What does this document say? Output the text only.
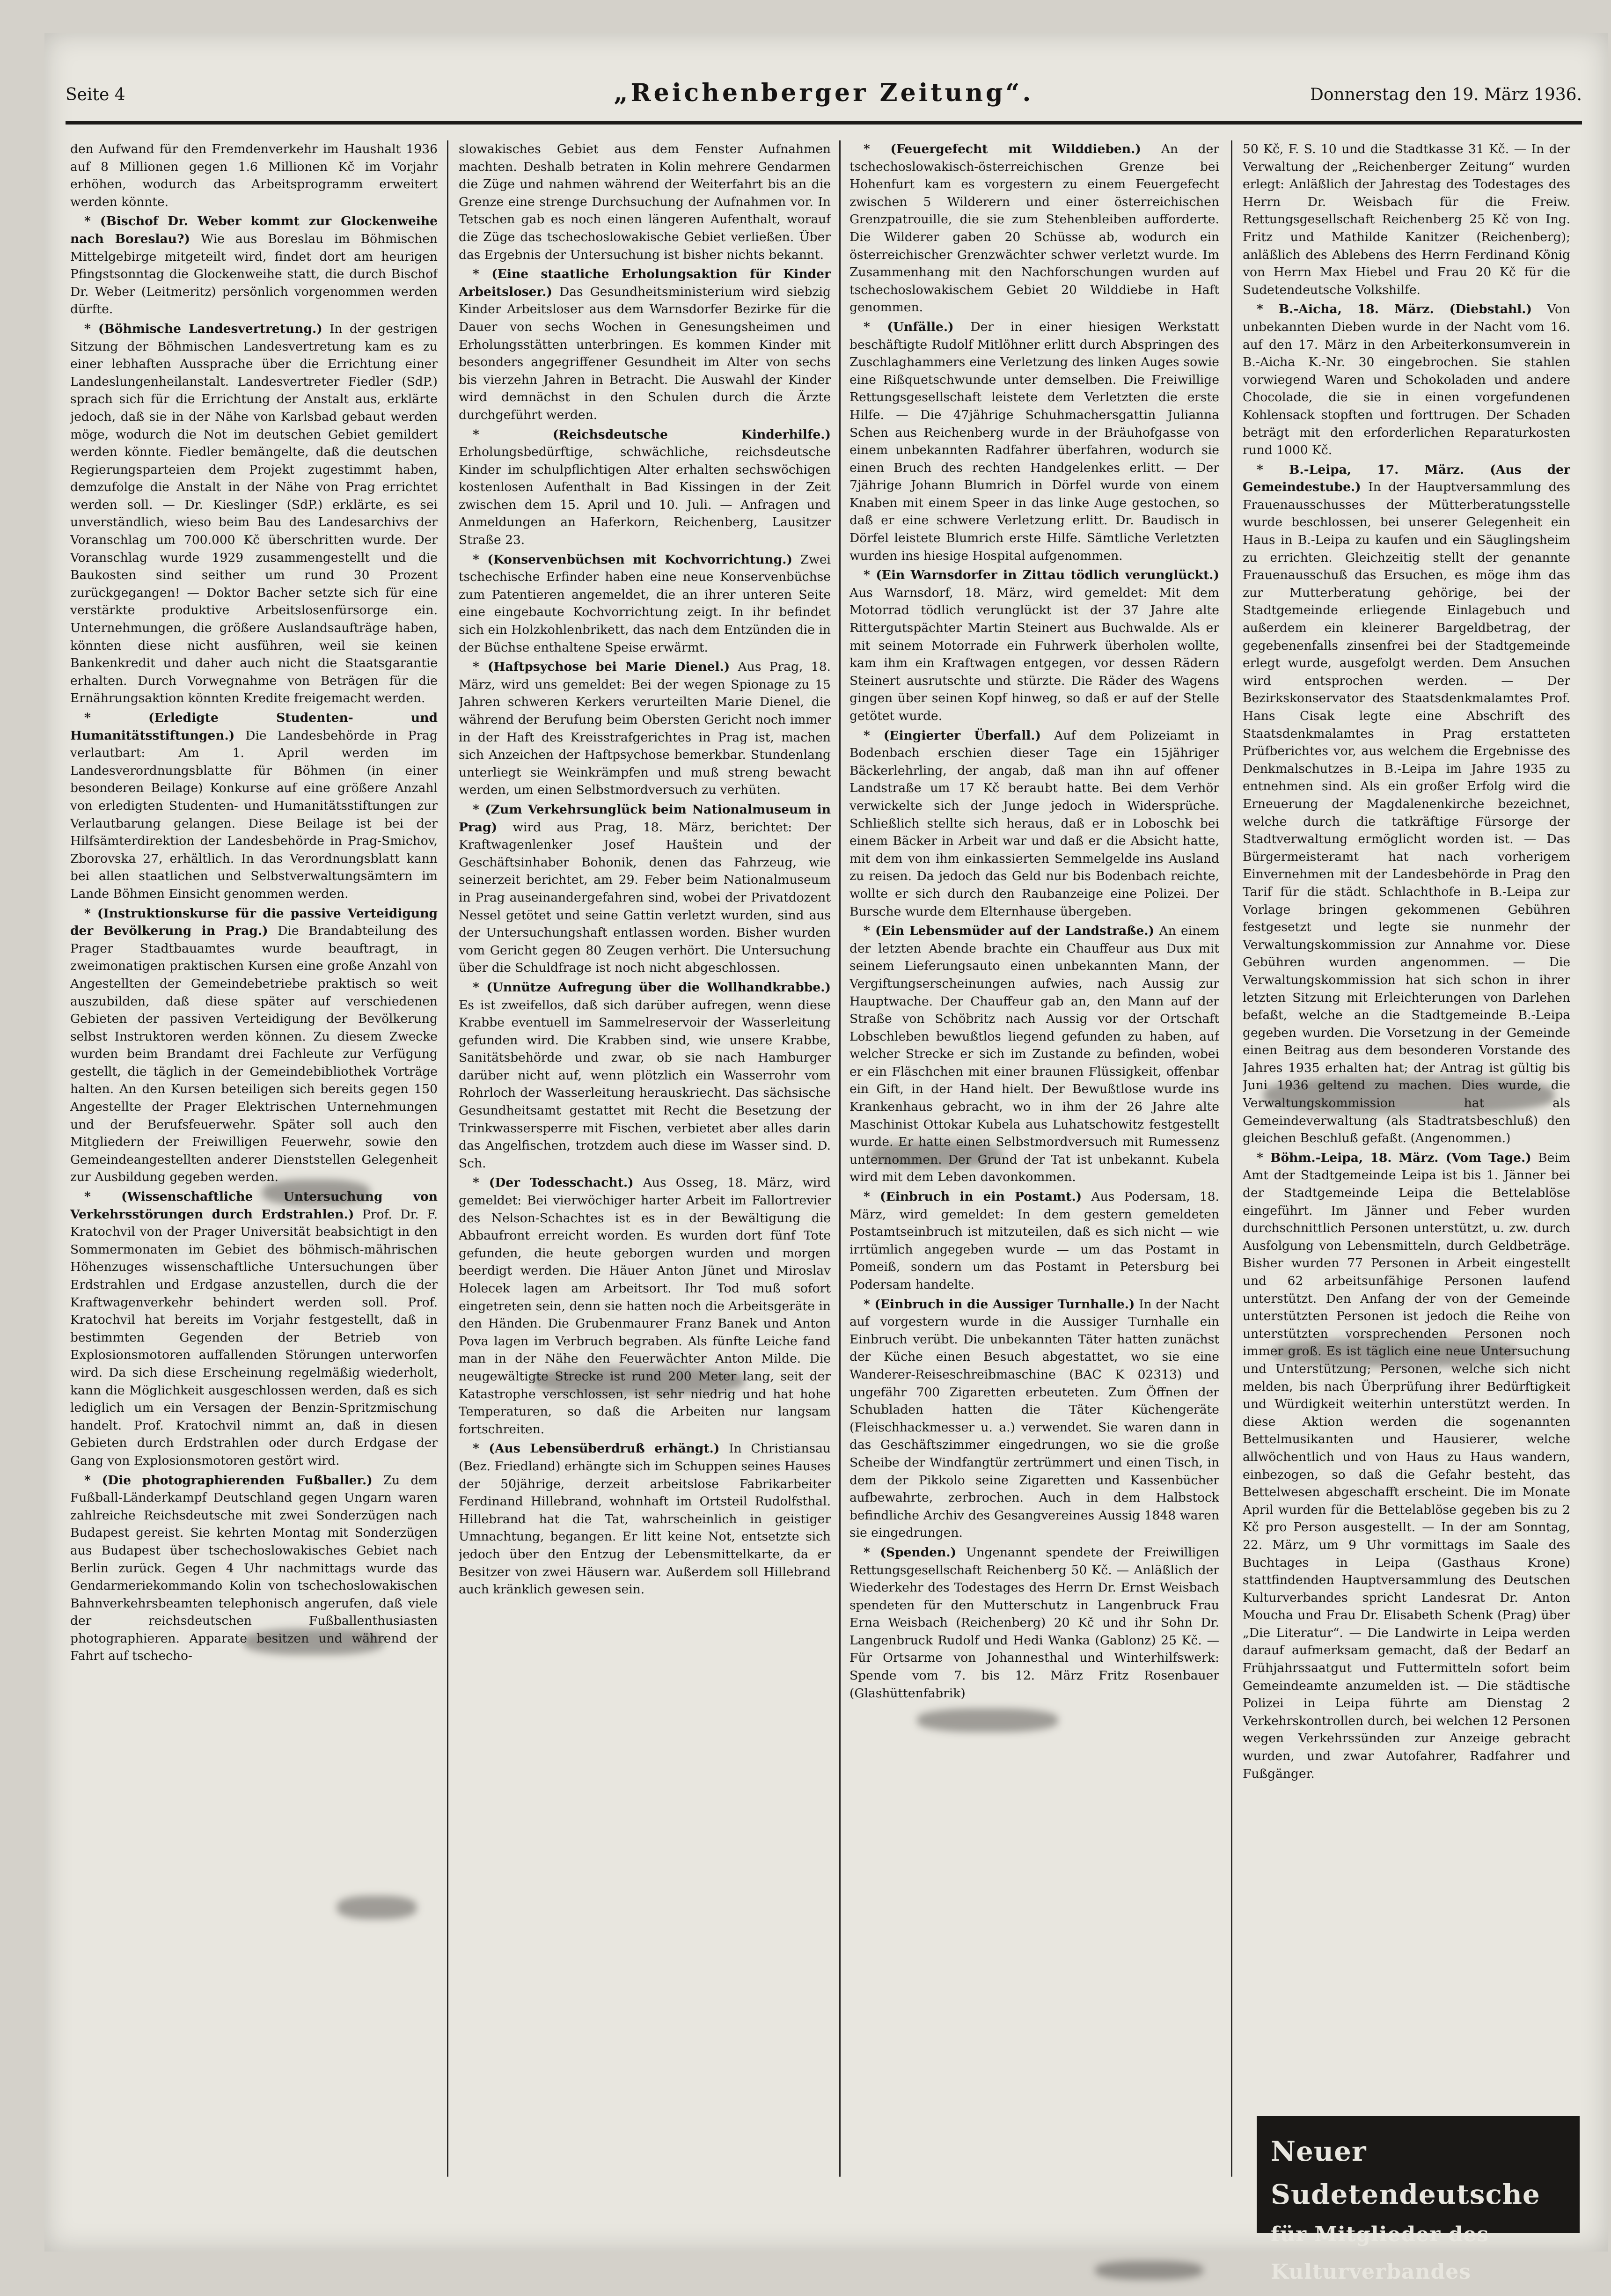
Seite 4	„Reichenberger Zeitung“.	Donnerstag den 19. März 1936.

den Aufwand für den Fremdenverkehr im Haushalt 1936 auf 8 Millionen gegen 1.6 Millionen Kč im Vorjahr erhöhen, wodurch das Arbeitsprogramm erweitert werden könnte.

* (Bischof Dr. Weber kommt zur Glockenweihe nach Boreslau?) Wie aus Boreslau im Böhmischen Mittelgebirge mitgeteilt wird, findet dort am heurigen Pfingstsonntag die Glockenweihe statt, die durch Bischof Dr. Weber (Leitmeritz) persönlich vorgenommen werden dürfte.

* (Böhmische Landesvertretung.) In der gestrigen Sitzung der Böhmischen Landesvertretung kam es zu einer lebhaften Aussprache über die Errichtung einer Landeslungenheilanstalt. Landesvertreter Fiedler (SdP.) sprach sich für die Errichtung der Anstalt aus, erklärte jedoch, daß sie in der Nähe von Karlsbad gebaut werden möge, wodurch die Not im deutschen Gebiet gemildert werden könnte. Fiedler bemängelte, daß die deutschen Regierungsparteien dem Projekt zugestimmt haben, demzufolge die Anstalt in der Nähe von Prag errichtet werden soll. — Dr. Kieslinger (SdP.) erklärte, es sei unverständlich, wieso beim Bau des Landesarchivs der Voranschlag um 700.000 Kč überschritten wurde. Der Voranschlag wurde 1929 zusammengestellt und die Baukosten sind seither um rund 30 Prozent zurückgegangen! — Doktor Bacher setzte sich für eine verstärkte produktive Arbeitslosenfürsorge ein. Unternehmungen, die größere Auslandsaufträge haben, könnten diese nicht ausführen, weil sie keinen Bankenkredit und daher auch nicht die Staatsgarantie erhalten. Durch Vorwegnahme von Beträgen für die Ernährungsaktion könnten Kredite freigemacht werden.

* (Erledigte Studenten- und Humanitätsstiftungen.) Die Landesbehörde in Prag verlautbart: Am 1. April werden im Landesverordnungsblatte für Böhmen (in einer besonderen Beilage) Konkurse auf eine größere Anzahl von erledigten Studenten- und Humanitätsstiftungen zur Verlautbarung gelangen. Diese Beilage ist bei der Hilfsämterdirektion der Landesbehörde in Prag-Smichov, Zborovska 27, erhältlich. In das Verordnungsblatt kann bei allen staatlichen und Selbstverwaltungsämtern im Lande Böhmen Einsicht genommen werden.

* (Instruktionskurse für die passive Verteidigung der Bevölkerung in Prag.) Die Brandabteilung des Prager Stadtbauamtes wurde beauftragt, in zweimonatigen praktischen Kursen eine große Anzahl von Angestellten der Gemeindebetriebe praktisch so weit auszubilden, daß diese später auf verschiedenen Gebieten der passiven Verteidigung der Bevölkerung selbst Instruktoren werden können. Zu diesem Zwecke wurden beim Brandamt drei Fachleute zur Verfügung gestellt, die täglich in der Gemeindebibliothek Vorträge halten. An den Kursen beteiligen sich bereits gegen 150 Angestellte der Prager Elektrischen Unternehmungen und der Berufsfeuerwehr. Später soll auch den Mitgliedern der Freiwilligen Feuerwehr, sowie den Gemeindeangestellten anderer Dienststellen Gelegenheit zur Ausbildung gegeben werden.

* (Wissenschaftliche Untersuchung von Verkehrsstörungen durch Erdstrahlen.) Prof. Dr. F. Kratochvil von der Prager Universität beabsichtigt in den Sommermonaten im Gebiet des böhmisch-mährischen Höhenzuges wissenschaftliche Untersuchungen über Erdstrahlen und Erdgase anzustellen, durch die der Kraftwagenverkehr behindert werden soll. Prof. Kratochvil hat bereits im Vorjahr festgestellt, daß in bestimmten Gegenden der Betrieb von Explosionsmotoren auffallenden Störungen unterworfen wird. Da sich diese Erscheinung regelmäßig wiederholt, kann die Möglichkeit ausgeschlossen werden, daß es sich lediglich um ein Versagen der Benzin-Spritzmischung handelt. Prof. Kratochvil nimmt an, daß in diesen Gebieten durch Erdstrahlen oder durch Erdgase der Gang von Explosionsmotoren gestört wird.

* (Die photographierenden Fußballer.) Zu dem Fußball-Länderkampf Deutschland gegen Ungarn waren zahlreiche Reichsdeutsche mit zwei Sonderzügen nach Budapest gereist. Sie kehrten Montag mit Sonderzügen aus Budapest über tschechoslowakisches Gebiet nach Berlin zurück. Gegen 4 Uhr nachmittags wurde das Gendarmeriekommando Kolin von tschechoslowakischen Bahnverkehrsbeamten telephonisch angerufen, daß viele der reichsdeutschen Fußballenthusiasten photographieren. Apparate besitzen und während der Fahrt auf tschecho-

slowakisches Gebiet aus dem Fenster Aufnahmen machten. Deshalb betraten in Kolin mehrere Gendarmen die Züge und nahmen während der Weiterfahrt bis an die Grenze eine strenge Durchsuchung der Aufnahmen vor. In Tetschen gab es noch einen längeren Aufenthalt, worauf die Züge das tschechoslowakische Gebiet verließen. Über das Ergebnis der Untersuchung ist bisher nichts bekannt.

* (Eine staatliche Erholungsaktion für Kinder Arbeitsloser.) Das Gesundheitsministerium wird siebzig Kinder Arbeitsloser aus dem Warnsdorfer Bezirke für die Dauer von sechs Wochen in Genesungsheimen und Erholungsstätten unterbringen. Es kommen Kinder mit besonders angegriffener Gesundheit im Alter von sechs bis vierzehn Jahren in Betracht. Die Auswahl der Kinder wird demnächst in den Schulen durch die Ärzte durchgeführt werden.

* (Reichsdeutsche Kinderhilfe.) Erholungsbedürftige, schwächliche, reichsdeutsche Kinder im schulpflichtigen Alter erhalten sechswöchigen kostenlosen Aufenthalt in Bad Kissingen in der Zeit zwischen dem 15. April und 10. Juli. — Anfragen und Anmeldungen an Haferkorn, Reichenberg, Lausitzer Straße 23.

* (Konservenbüchsen mit Kochvorrichtung.) Zwei tschechische Erfinder haben eine neue Konservenbüchse zum Patentieren angemeldet, die an ihrer unteren Seite eine eingebaute Kochvorrichtung zeigt. In ihr befindet sich ein Holzkohlenbrikett, das nach dem Entzünden die in der Büchse enthaltene Speise erwärmt.

* (Haftpsychose bei Marie Dienel.) Aus Prag, 18. März, wird uns gemeldet: Bei der wegen Spionage zu 15 Jahren schweren Kerkers verurteilten Marie Dienel, die während der Berufung beim Obersten Gericht noch immer in der Haft des Kreisstrafgerichtes in Prag ist, machen sich Anzeichen der Haftpsychose bemerkbar. Stundenlang unterliegt sie Weinkrämpfen und muß streng bewacht werden, um einen Selbstmordversuch zu verhüten.

* (Zum Verkehrsunglück beim Nationalmuseum in Prag) wird aus Prag, 18. März, berichtet: Der Kraftwagenlenker Josef Hauštein und der Geschäftsinhaber Bohonik, denen das Fahrzeug, wie seinerzeit berichtet, am 29. Feber beim Nationalmuseum in Prag auseinandergefahren sind, wobei der Privatdozent Nessel getötet und seine Gattin verletzt wurden, sind aus der Untersuchungshaft entlassen worden. Bisher wurden vom Gericht gegen 80 Zeugen verhört. Die Untersuchung über die Schuldfrage ist noch nicht abgeschlossen.

* (Unnütze Aufregung über die Wollhandkrabbe.) Es ist zweifellos, daß sich darüber aufregen, wenn diese Krabbe eventuell im Sammelreservoir der Wasserleitung gefunden wird. Die Krabben sind, wie unsere Krabbe, Sanitätsbehörde und zwar, ob sie nach Hamburger darüber nicht auf, wenn plötzlich ein Wasserrohr vom Rohrloch der Wasserleitung herauskriecht. Das sächsische Gesundheitsamt gestattet mit Recht die Besetzung der Trinkwassersperre mit Fischen, verbietet aber alles darin das Angelfischen, trotzdem auch diese im Wasser sind. D. Sch.

* (Der Todesschacht.) Aus Osseg, 18. März, wird gemeldet: Bei vierwöchiger harter Arbeit im Fallortrevier des Nelson-Schachtes ist es in der Bewältigung die Abbaufront erreicht worden. Es wurden dort fünf Tote gefunden, die heute geborgen wurden und morgen beerdigt werden. Die Häuer Anton Jünet und Miroslav Holecek lagen am Arbeitsort. Ihr Tod muß sofort eingetreten sein, denn sie hatten noch die Arbeitsgeräte in den Händen. Die Grubenmaurer Franz Banek und Anton Pova lagen im Verbruch begraben. Als fünfte Leiche fand man in der Nähe den Feuerwächter Anton Milde. Die neugewältigte Strecke ist rund 200 Meter lang, seit der Katastrophe verschlossen, ist sehr niedrig und hat hohe Temperaturen, so daß die Arbeiten nur langsam fortschreiten.

* (Aus Lebensüberdruß erhängt.) In Christiansau (Bez. Friedland) erhängte sich im Schuppen seines Hauses der 50jährige, derzeit arbeitslose Fabrikarbeiter Ferdinand Hillebrand, wohnhaft im Ortsteil Rudolfsthal. Hillebrand hat die Tat, wahrscheinlich in geistiger Umnachtung, begangen. Er litt keine Not, entsetzte sich jedoch über den Entzug der Lebensmittelkarte, da er Besitzer von zwei Häusern war. Außerdem soll Hillebrand auch kränklich gewesen sein.

* (Feuergefecht mit Wilddieben.) An der tschechoslowakisch-österreichischen Grenze bei Hohenfurt kam es vorgestern zu einem Feuergefecht zwischen 5 Wilderern und einer österreichischen Grenzpatrouille, die sie zum Stehenbleiben aufforderte. Die Wilderer gaben 20 Schüsse ab, wodurch ein österreichischer Grenzwächter schwer verletzt wurde. Im Zusammenhang mit den Nachforschungen wurden auf tschechoslowakischem Gebiet 20 Wilddiebe in Haft genommen.

* (Unfälle.) Der in einer hiesigen Werkstatt beschäftigte Rudolf Mitlöhner erlitt durch Abspringen des Zuschlaghammers eine Verletzung des linken Auges sowie eine Rißquetschwunde unter demselben. Die Freiwillige Rettungsgesellschaft leistete dem Verletzten die erste Hilfe. — Die 47jährige Schuhmachersgattin Julianna Schen aus Reichenberg wurde in der Bräuhofgasse von einem unbekannten Radfahrer überfahren, wodurch sie einen Bruch des rechten Handgelenkes erlitt. — Der 7jährige Johann Blumrich in Dörfel wurde von einem Knaben mit einem Speer in das linke Auge gestochen, so daß er eine schwere Verletzung erlitt. Dr. Baudisch in Dörfel leistete Blumrich erste Hilfe. Sämtliche Verletzten wurden ins hiesige Hospital aufgenommen.

* (Ein Warnsdorfer in Zittau tödlich verunglückt.) Aus Warnsdorf, 18. März, wird gemeldet: Mit dem Motorrad tödlich verunglückt ist der 37 Jahre alte Rittergutspächter Martin Steinert aus Buchwalde. Als er mit seinem Motorrade ein Fuhrwerk überholen wollte, kam ihm ein Kraftwagen entgegen, vor dessen Rädern Steinert ausrutschte und stürzte. Die Räder des Wagens gingen über seinen Kopf hinweg, so daß er auf der Stelle getötet wurde.

* (Eingierter Überfall.) Auf dem Polizeiamt in Bodenbach erschien dieser Tage ein 15jähriger Bäckerlehrling, der angab, daß man ihn auf offener Landstraße um 17 Kč beraubt hatte. Bei dem Verhör verwickelte sich der Junge jedoch in Widersprüche. Schließlich stellte sich heraus, daß er in Loboschk bei einem Bäcker in Arbeit war und daß er die Absicht hatte, mit dem von ihm einkassierten Semmelgelde ins Ausland zu reisen. Da jedoch das Geld nur bis Bodenbach reichte, wollte er sich durch den Raubanzeige eine Polizei. Der Bursche wurde dem Elternhause übergeben.

* (Ein Lebensmüder auf der Landstraße.) An einem der letzten Abende brachte ein Chauffeur aus Dux mit seinem Lieferungsauto einen unbekannten Mann, der Vergiftungserscheinungen aufwies, nach Aussig zur Hauptwache. Der Chauffeur gab an, den Mann auf der Straße von Schöbritz nach Aussig vor der Ortschaft Lobschleben bewußtlos liegend gefunden zu haben, auf welcher Strecke er sich im Zustande zu befinden, wobei er ein Fläschchen mit einer braunen Flüssigkeit, offenbar ein Gift, in der Hand hielt. Der Bewußtlose wurde ins Krankenhaus gebracht, wo in ihm der 26 Jahre alte Maschinist Ottokar Kubela aus Luhatschowitz festgestellt wurde. Er hatte einen Selbstmordversuch mit Rumessenz unternommen. Der Grund der Tat ist unbekannt. Kubela wird mit dem Leben davonkommen.

* (Einbruch in ein Postamt.) Aus Podersam, 18. März, wird gemeldet: In dem gestern gemeldeten Postamtseinbruch ist mitzuteilen, daß es sich nicht — wie irrtümlich angegeben wurde — um das Postamt in Pomeiß, sondern um das Postamt in Petersburg bei Podersam handelte.

* (Einbruch in die Aussiger Turnhalle.) In der Nacht auf vorgestern wurde in die Aussiger Turnhalle ein Einbruch verübt. Die unbekannten Täter hatten zunächst der Küche einen Besuch abgestattet, wo sie eine Wanderer-Reiseschreibmaschine (BAC K 02313) und ungefähr 700 Zigaretten erbeuteten. Zum Öffnen der Schubladen hatten die Täter Küchengeräte (Fleischhackmesser u. a.) verwendet. Sie waren dann in das Geschäftszimmer eingedrungen, wo sie die große Scheibe der Windfangtür zertrümmert und einen Tisch, in dem der Pikkolo seine Zigaretten und Kassenbücher aufbewahrte, zerbrochen. Auch in dem Halbstock befindliche Archiv des Gesangvereines Aussig 1848 waren sie eingedrungen.

* (Spenden.) Ungenannt spendete der Freiwilligen Rettungsgesellschaft Reichenberg 50 Kč. — Anläßlich der Wiederkehr des Todestages des Herrn Dr. Ernst Weisbach spendeten für den Mutterschutz in Langenbruck Frau Erna Weisbach (Reichenberg) 20 Kč und ihr Sohn Dr. Langenbruck Rudolf und Hedi Wanka (Gablonz) 25 Kč. — Für Ortsarme von Johannesthal und Winterhilfswerk: Spende vom 7. bis 12. März Fritz Rosenbauer (Glashüttenfabrik)

50 Kč, F. S. 10 und die Stadtkasse 31 Kč. — In der Verwaltung der „Reichenberger Zeitung“ wurden erlegt: Anläßlich der Jahrestag des Todestages des Herrn Dr. Weisbach für die Freiw. Rettungsgesellschaft Reichenberg 25 Kč von Ing. Fritz und Mathilde Kanitzer (Reichenberg); anläßlich des Ablebens des Herrn Ferdinand König von Herrn Max Hiebel und Frau 20 Kč für die Sudetendeutsche Volkshilfe.

* B.-Aicha, 18. März. (Diebstahl.) Von unbekannten Dieben wurde in der Nacht vom 16. auf den 17. März in den Arbeiterkonsumverein in B.-Aicha K.-Nr. 30 eingebrochen. Sie stahlen vorwiegend Waren und Schokoladen und andere Chocolade, die sie in einen vorgefundenen Kohlensack stopften und forttrugen. Der Schaden beträgt mit den erforderlichen Reparaturkosten rund 1000 Kč.

* B.-Leipa, 17. März. (Aus der Gemeindestube.) In der Hauptversammlung des Frauenausschusses der Mütterberatungsstelle wurde beschlossen, bei unserer Gelegenheit ein Haus in B.-Leipa zu kaufen und ein Säuglingsheim zu errichten. Gleichzeitig stellt der genannte Frauenausschuß das Ersuchen, es möge ihm das zur Mutterberatung gehörige, bei der Stadtgemeinde erliegende Einlagebuch und außerdem ein kleinerer Bargeldbetrag, der gegebenenfalls zinsenfrei bei der Stadtgemeinde erlegt wurde, ausgefolgt werden. Dem Ansuchen wird entsprochen werden. — Der Bezirkskonservator des Staatsdenkmalamtes Prof. Hans Cisak legte eine Abschrift des Staatsdenkmalamtes in Prag erstatteten Prüfberichtes vor, aus welchem die Ergebnisse des Denkmalschutzes in B.-Leipa im Jahre 1935 zu entnehmen sind. Als ein großer Erfolg wird die Erneuerung der Magdalenenkirche bezeichnet, welche durch die tatkräftige Fürsorge der Stadtverwaltung ermöglicht worden ist. — Das Bürgermeisteramt hat nach vorherigem Einvernehmen mit der Landesbehörde in Prag den Tarif für die städt. Schlachthofe in B.-Leipa zur Vorlage bringen gekommenen Gebühren festgesetzt und legte sie nunmehr der Verwaltungskommission zur Annahme vor. Diese Gebühren wurden angenommen. — Die Verwaltungskommission hat sich schon in ihrer letzten Sitzung mit Erleichterungen von Darlehen befaßt, welche an die Stadtgemeinde B.-Leipa gegeben wurden. Die Vorsetzung in der Gemeinde einen Beitrag aus dem besonderen Vorstande des Jahres 1935 erhalten hat; der Antrag ist gültig bis Juni 1936 geltend zu machen. Dies wurde, die Verwaltungskommission hat als Gemeindeverwaltung (als Stadtratsbeschluß) den gleichen Beschluß gefaßt. (Angenommen.)

* Böhm.-Leipa, 18. März. (Vom Tage.) Beim Amt der Stadtgemeinde Leipa ist bis 1. Jänner bei der Stadtgemeinde Leipa die Bettelablöse eingeführt. Im Jänner und Feber wurden durchschnittlich Personen unterstützt, u. zw. durch Ausfolgung von Lebensmitteln, durch Geldbeträge. Bisher wurden 77 Personen in Arbeit eingestellt und 62 arbeitsunfähige Personen laufend unterstützt. Den Anfang der von der Gemeinde unterstützten Personen ist jedoch die Reihe von unterstützten vorsprechenden Personen noch immer groß. Es ist täglich eine neue Untersuchung und Unterstützung; Personen, welche sich nicht melden, bis nach Überprüfung ihrer Bedürftigkeit und Würdigkeit weiterhin unterstützt werden. In diese Aktion werden die sogenannten Bettelmusikanten und Hausierer, welche allwöchentlich und von Haus zu Haus wandern, einbezogen, so daß die Gefahr besteht, das Bettelwesen abgeschafft erscheint. Die im Monate April wurden für die Bettelablöse gegeben bis zu 2 Kč pro Person ausgestellt. — In der am Sonntag, 22. März, um 9 Uhr vormittags im Saale des Buchtages in Leipa (Gasthaus Krone) stattfindenden Hauptversammlung des Deutschen Kulturverbandes spricht Landesrat Dr. Anton Moucha und Frau Dr. Elisabeth Schenk (Prag) über „Die Literatur“. — Die Landwirte in Leipa werden darauf aufmerksam gemacht, daß der Bedarf an Frühjahrssaatgut und Futtermitteln sofort beim Gemeindeamte anzumelden ist. — Die städtische Polizei in Leipa führte am Dienstag 2 Verkehrskontrollen durch, bei welchen 12 Personen wegen Verkehrssünden zur Anzeige gebracht wurden, und zwar Autofahrer, Radfahrer und Fußgänger.

Neuer Sudetendeutsche
für Mitglieder des Kulturverbandes
